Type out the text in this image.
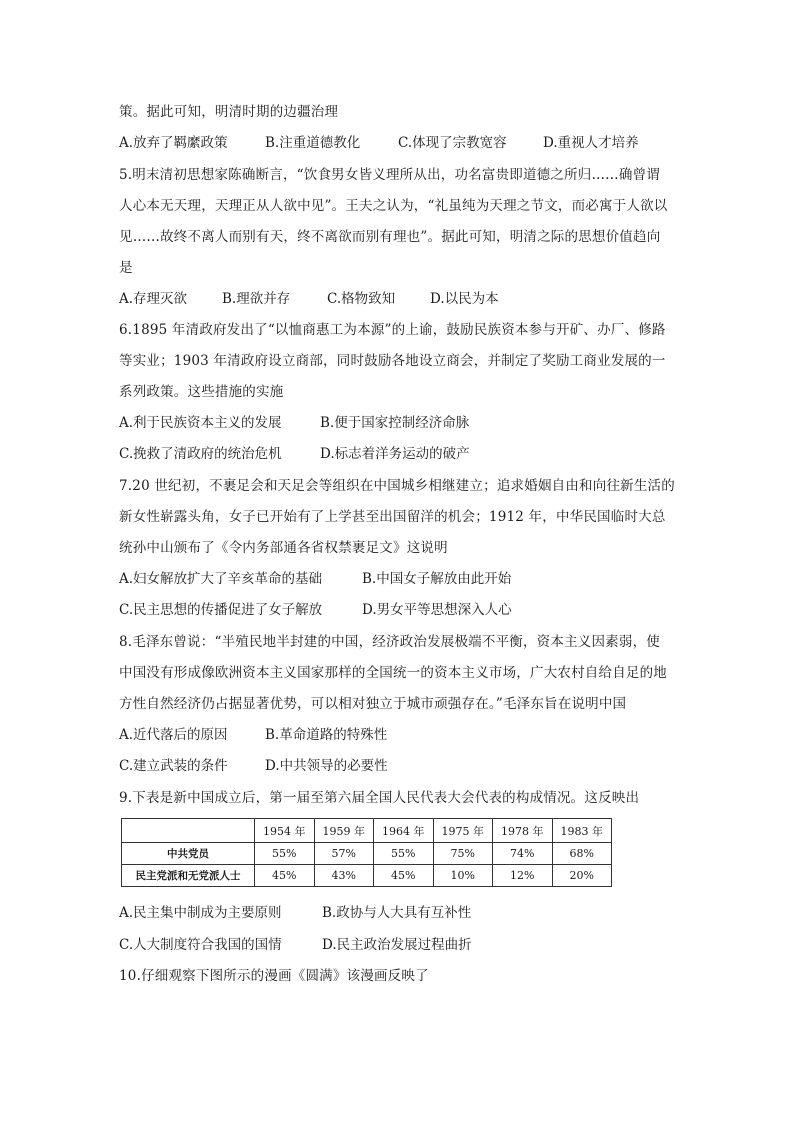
策。据此可知，明清时期的边疆治理
A.放弃了羁縻政策	B.注重道德教化	C.体现了宗教宽容	D.重视人才培养
5.明末清初思想家陈确断言，“饮食男女皆义理所从出，功名富贵即道德之所归……确曾谓
人心本无天理，天理正从人欲中见”。王夫之认为，“礼虽纯为天理之节文，而必寓于人欲以
见……故终不离人而别有天，终不离欲而别有理也”。据此可知，明清之际的思想价值趋向
是
A.存理灭欲	B.理欲并存	C.格物致知	D.以民为本
6.1895 年清政府发出了“以恤商惠工为本源”的上谕，鼓励民族资本参与开矿、办厂、修路
等实业；1903 年清政府设立商部，同时鼓励各地设立商会，并制定了奖励工商业发展的一
系列政策。这些措施的实施
A.利于民族资本主义的发展	B.便于国家控制经济命脉
C.挽救了清政府的统治危机	D.标志着洋务运动的破产
7.20 世纪初，不裹足会和天足会等组织在中国城乡相继建立；追求婚姻自由和向往新生活的
新女性崭露头角，女子已开始有了上学甚至出国留洋的机会；1912 年，中华民国临时大总
统孙中山颁布了《令内务部通各省权禁裹足文》这说明
A.妇女解放扩大了辛亥革命的基础	B.中国女子解放由此开始
C.民主思想的传播促进了女子解放	D.男女平等思想深入人心
8.毛泽东曾说：“半殖民地半封建的中国，经济政治发展极端不平衡，资本主义因素弱，使
中国没有形成像欧洲资本主义国家那样的全国统一的资本主义市场，广大农村自给自足的地
方性自然经济仍占据显著优势，可以相对独立于城市顽强存在。”毛泽东旨在说明中国
A.近代落后的原因	B.革命道路的特殊性
C.建立武装的条件	D.中共领导的必要性
9.下表是新中国成立后，第一届至第六届全国人民代表大会代表的构成情况。这反映出
	1954 年	1959 年	1964 年	1975 年	1978 年	1983 年
中共党员	55%	57%	55%	75%	74%	68%
民主党派和无党派人士	45%	43%	45%	10%	12%	20%
A.民主集中制成为主要原则	B.政协与人大具有互补性
C.人大制度符合我国的国情	D.民主政治发展过程曲折
10.仔细观察下图所示的漫画《圆满》该漫画反映了
